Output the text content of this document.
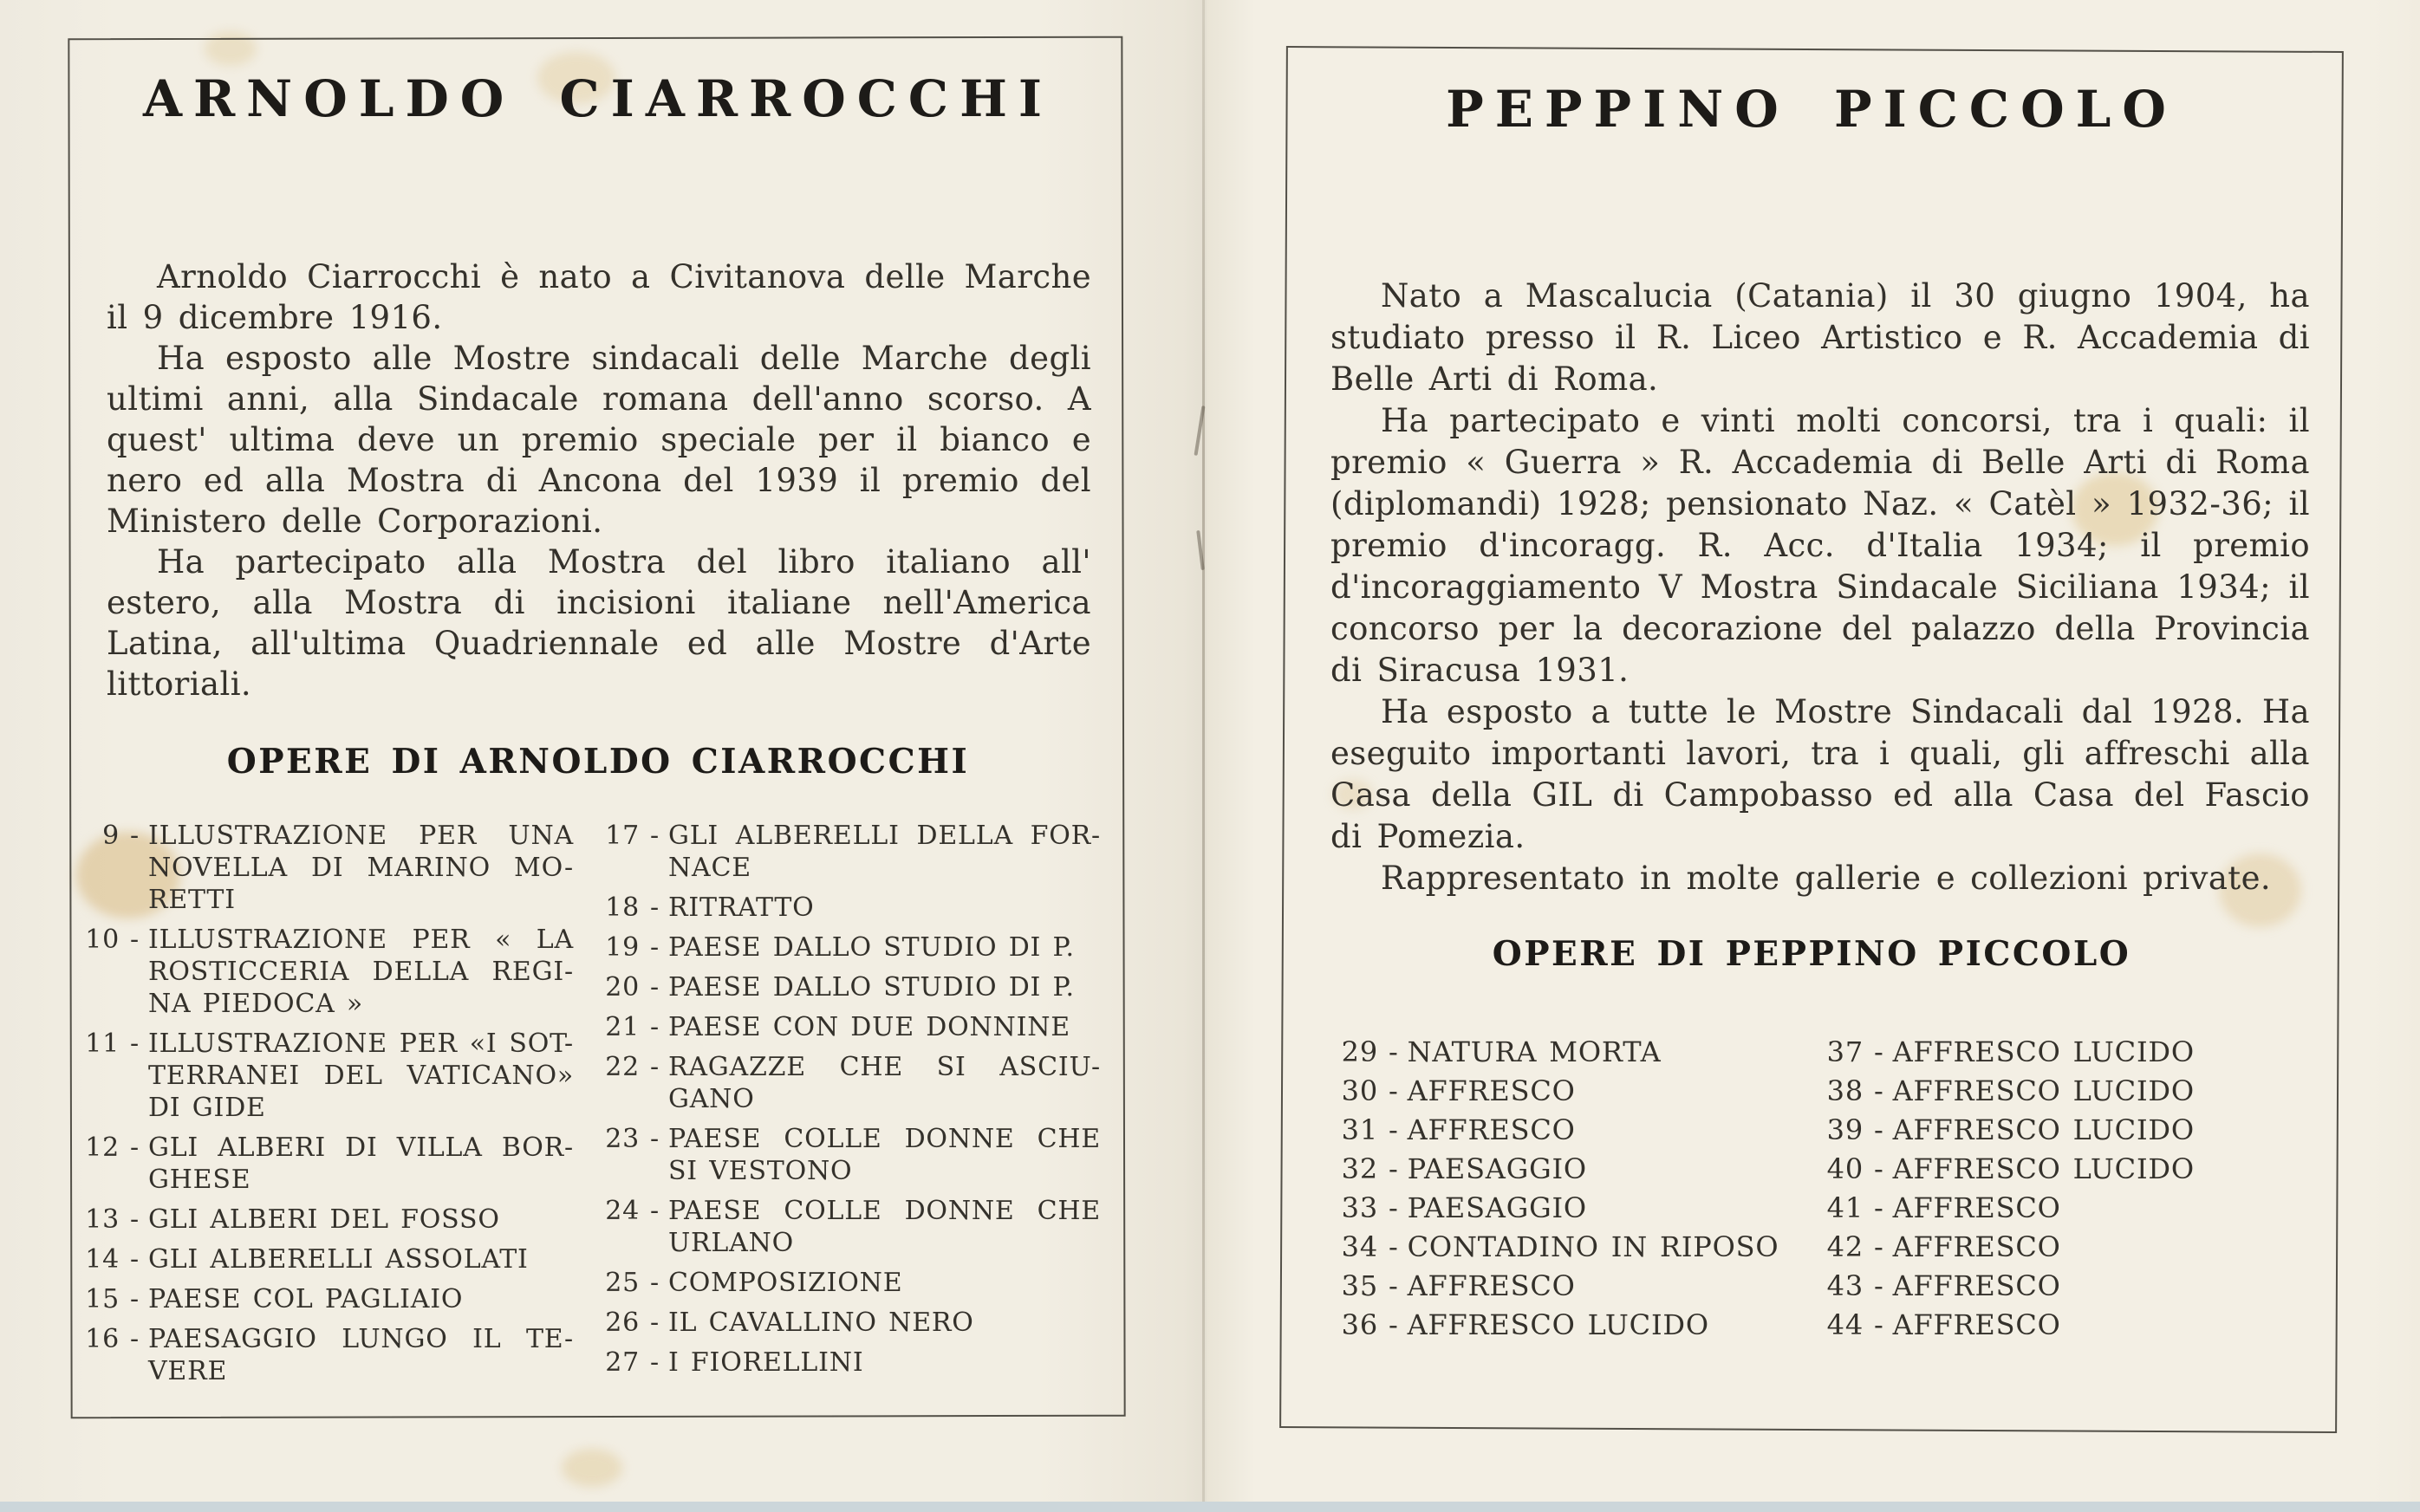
ARNOLDO CIARROCCHI

Arnoldo Ciarrocchi è nato a Civitanova delle Marche il 9 dicembre 1916.

Ha esposto alle Mostre sindacali delle Marche degli ultimi anni, alla Sindacale romana dell'anno scorso. A quest' ultima deve un premio speciale per il bianco e nero ed alla Mostra di Ancona del 1939 il premio del Ministero delle Corporazioni.

Ha partecipato alla Mostra del libro italiano all' estero, alla Mostra di incisioni italiane nell'America Latina, all'ultima Quadriennale ed alle Mostre d'Arte littoriali.

OPERE DI ARNOLDO CIARROCCHI
9 - ILLUSTRAZIONE PER UNA NOVELLA DI MARINO MO-RETTI
10 - ILLUSTRAZIONE PER « LA ROSTICCERIA DELLA REGI-NA PIEDOCA »
11 - ILLUSTRAZIONE PER «I SOT-TERRANEI DEL VATICANO» DI GIDE
12 - GLI ALBERI DI VILLA BOR-GHESE
13 - GLI ALBERI DEL FOSSO
14 - GLI ALBERELLI ASSOLATI
15 - PAESE COL PAGLIAIO
16 - PAESAGGIO LUNGO IL TE-VERE
17 - GLI ALBERELLI DELLA FOR-NACE
18 - RITRATTO
19 - PAESE DALLO STUDIO DI P.
20 - PAESE DALLO STUDIO DI P.
21 - PAESE CON DUE DONNINE
22 - RAGAZZE CHE SI ASCIU-GANO
23 - PAESE COLLE DONNE CHE SI VESTONO
24 - PAESE COLLE DONNE CHE URLANO
25 - COMPOSIZIONE
26 - IL CAVALLINO NERO
27 - I FIORELLINI
PEPPINO PICCOLO

Nato a Mascalucia (Catania) il 30 giugno 1904, ha studiato presso il R. Liceo Artistico e R. Accademia di Belle Arti di Roma.

Ha partecipato e vinti molti concorsi, tra i quali: il premio « Guerra » R. Accademia di Belle Arti di Roma (diplomandi) 1928; pensionato Naz. « Catèl » 1932-36; il premio d'incoragg. R. Acc. d'Italia 1934; il premio d'incoraggiamento V Mostra Sindacale Siciliana 1934; il concorso per la decorazione del palazzo della Provincia di Siracusa 1931.

Ha esposto a tutte le Mostre Sindacali dal 1928. Ha eseguito importanti lavori, tra i quali, gli affreschi alla Casa della GIL di Campobasso ed alla Casa del Fascio di Pomezia.

Rappresentato in molte gallerie e collezioni private.

OPERE DI PEPPINO PICCOLO
29 - NATURA MORTA
30 - AFFRESCO
31 - AFFRESCO
32 - PAESAGGIO
33 - PAESAGGIO
34 - CONTADINO IN RIPOSO
35 - AFFRESCO
36 - AFFRESCO LUCIDO
37 - AFFRESCO LUCIDO
38 - AFFRESCO LUCIDO
39 - AFFRESCO LUCIDO
40 - AFFRESCO LUCIDO
41 - AFFRESCO
42 - AFFRESCO
43 - AFFRESCO
44 - AFFRESCO
